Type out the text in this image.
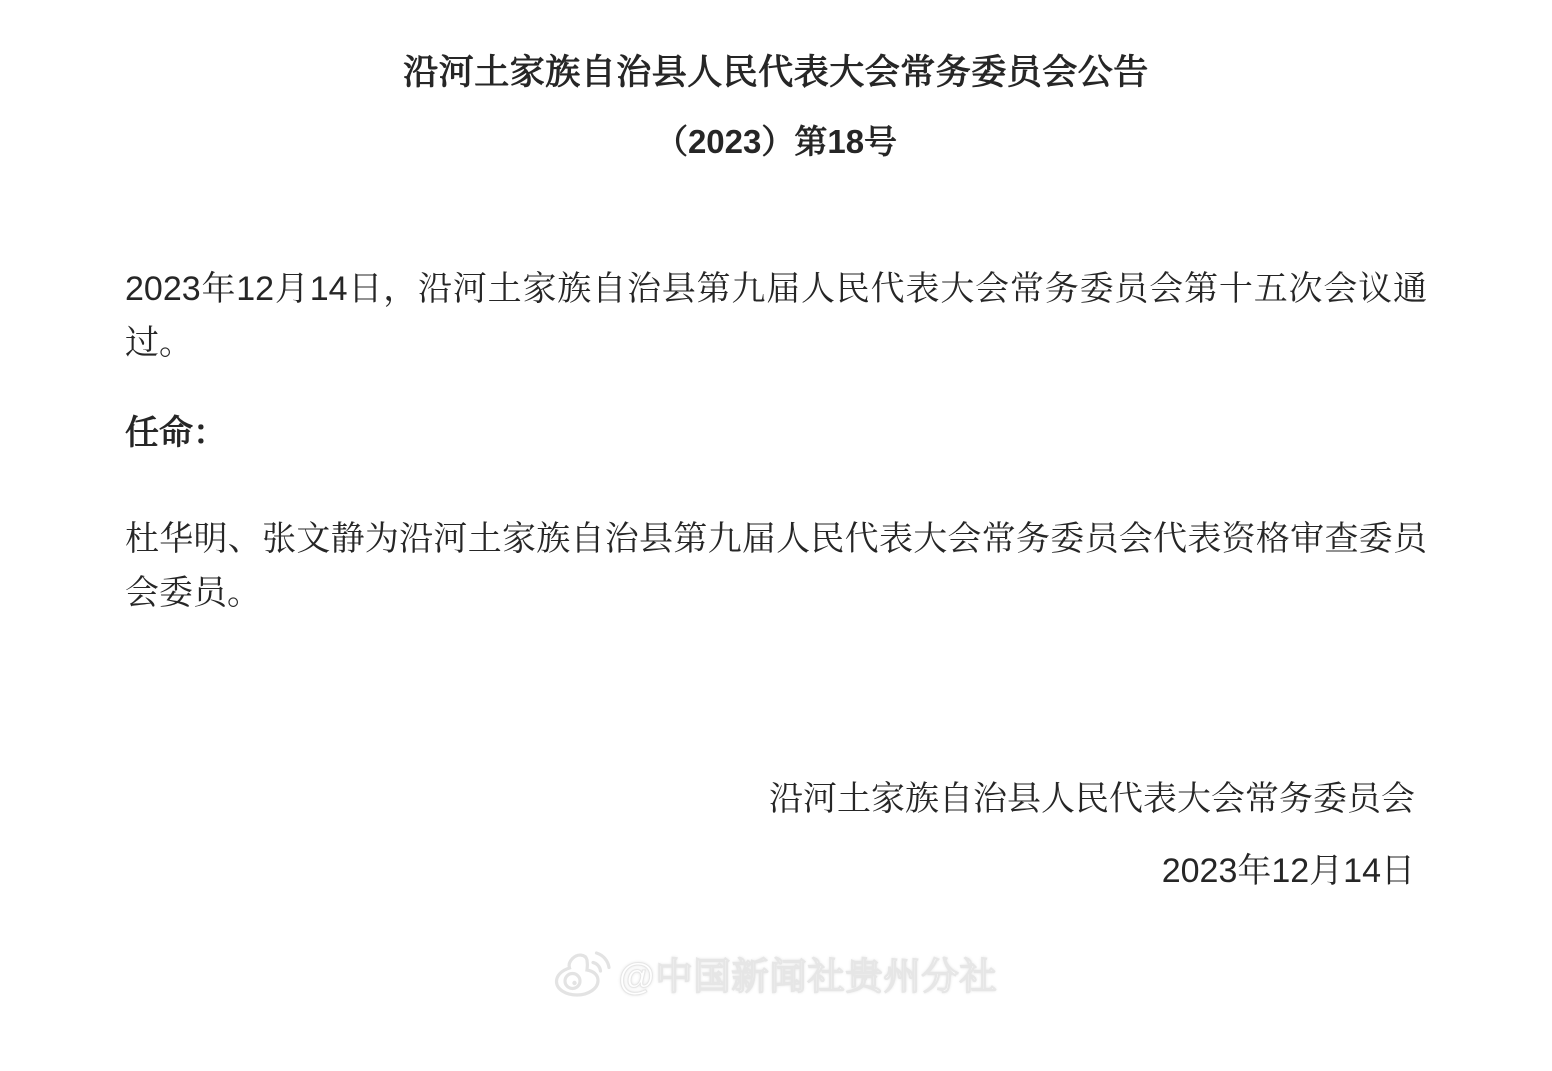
沿河土家族自治县人民代表大会常务委员会公告
（2023）第18号

2023年12月14日，沿河土家族自治县第九届人民代表大会常务委员会第十五次会议通过。

任命：

杜华明、张文静为沿河土家族自治县第九届人民代表大会常务委员会代表资格审查委员会委员。

沿河土家族自治县人民代表大会常务委员会
2023年12月14日
@中国新闻社贵州分社
